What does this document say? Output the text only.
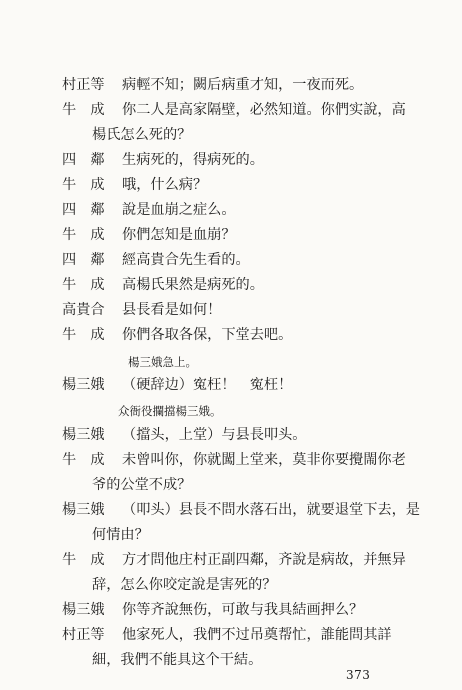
村正等	病輕不知；闕后病重才知，一夜而死。
牛　成	你二人是高家隔壁，必然知道。你們实說，高
楊氏怎么死的？
四　鄰	生病死的，得病死的。
牛　成	哦，什么病？
四　鄰	說是血崩之症么。
牛　成	你們怎知是血崩？
四　鄰	經高貴合先生看的。
牛　成	高楊氏果然是病死的。
高貴合	县長看是如何！
牛　成	你們各取各保，下堂去吧。
楊三娥急上。
楊三娥	（硬辞边）寃枉！　寃枉！
众衙役攔擋楊三娥。
楊三娥	（擋头，上堂）与县長叩头。
牛　成	未曾叫你，你就闖上堂来，莫非你要攪閙你老
爷的公堂不成？
楊三娥	（叩头）县長不問水落石出，就要退堂下去，是
何情由？
牛　成	方才問他庄村正副四鄰，齐說是病故，并無异
辞，怎么你咬定說是害死的？
楊三娥	你等齐說無伤，可敢与我具結画押么？
村正等	他家死人，我們不过吊奠帮忙，誰能問其詳
細，我們不能具这个干結。
373
